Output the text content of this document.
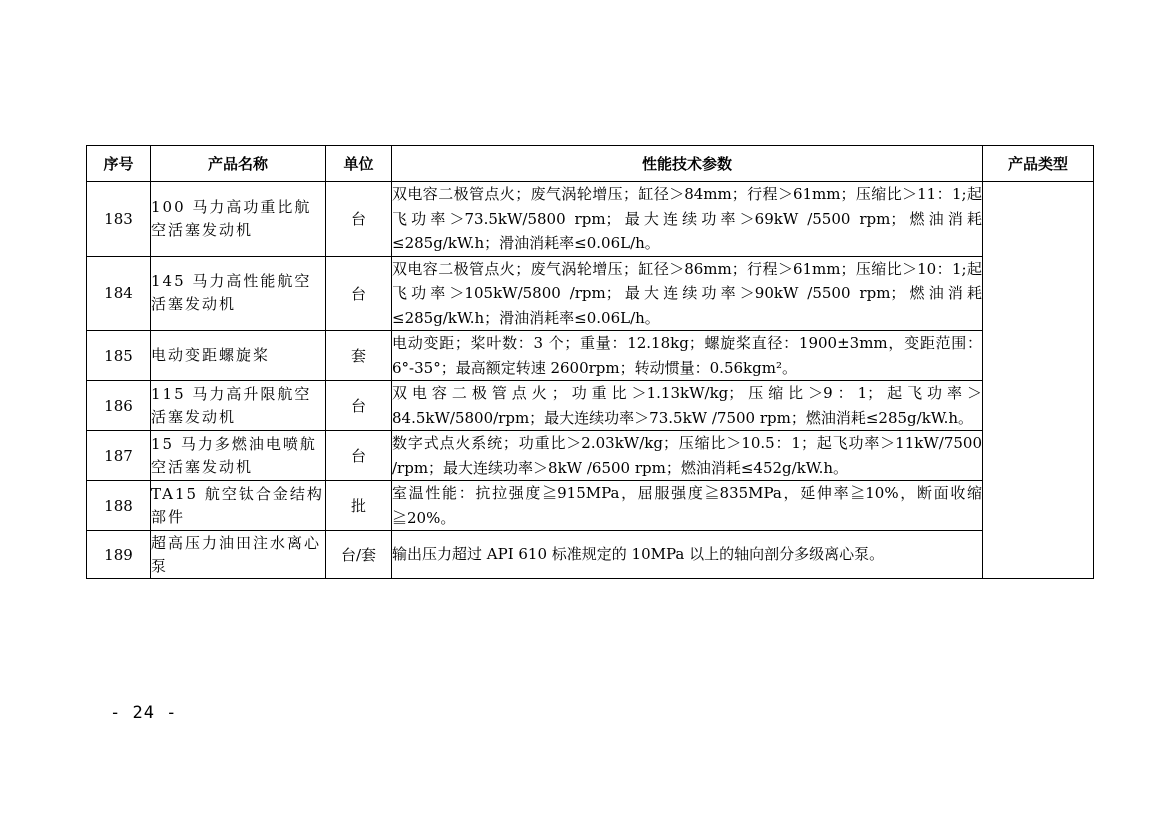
序号	产品名称	单位	性能技术参数	产品类型
183	100 马力高功重比航空活塞发动机	台	双电容二极管点火；废气涡轮增压；缸径＞84mm；行程＞61mm；压缩比＞11：1;起飞功率＞73.5kW/5800 rpm；最大连续功率＞69kW /5500 rpm；燃油消耗≤285g/kW.h；滑油消耗率≤0.06L/h。	
184	145 马力高性能航空活塞发动机	台	双电容二极管点火；废气涡轮增压；缸径＞86mm；行程＞61mm；压缩比＞10：1;起飞功率＞105kW/5800 /rpm；最大连续功率＞90kW /5500 rpm；燃油消耗≤285g/kW.h；滑油消耗率≤0.06L/h。	
185	电动变距螺旋桨	套	电动变距；桨叶数：3 个；重量：12.18kg；螺旋桨直径：1900±3mm，变距范围：6°-35°；最高额定转速 2600rpm；转动惯量：0.56kgm²。	
186	115 马力高升限航空活塞发动机	台	双电容二极管点火；功重比＞1.13kW/kg；压缩比＞9：1；起飞功率＞84.5kW/5800/rpm；最大连续功率＞73.5kW /7500 rpm；燃油消耗≤285g/kW.h。	
187	15 马力多燃油电喷航空活塞发动机	台	数字式点火系统；功重比＞2.03kW/kg；压缩比＞10.5：1；起飞功率＞11kW/7500 /rpm；最大连续功率＞8kW /6500 rpm；燃油消耗≤452g/kW.h。	
188	TA15 航空钛合金结构部件	批	室温性能：抗拉强度≧915MPa，屈服强度≧835MPa，延伸率≧10%，断面收缩≧20%。	
189	超高压力油田注水离心泵	台/套	输出压力超过 API 610 标准规定的 10MPa 以上的轴向剖分多级离心泵。	
- 24 -
